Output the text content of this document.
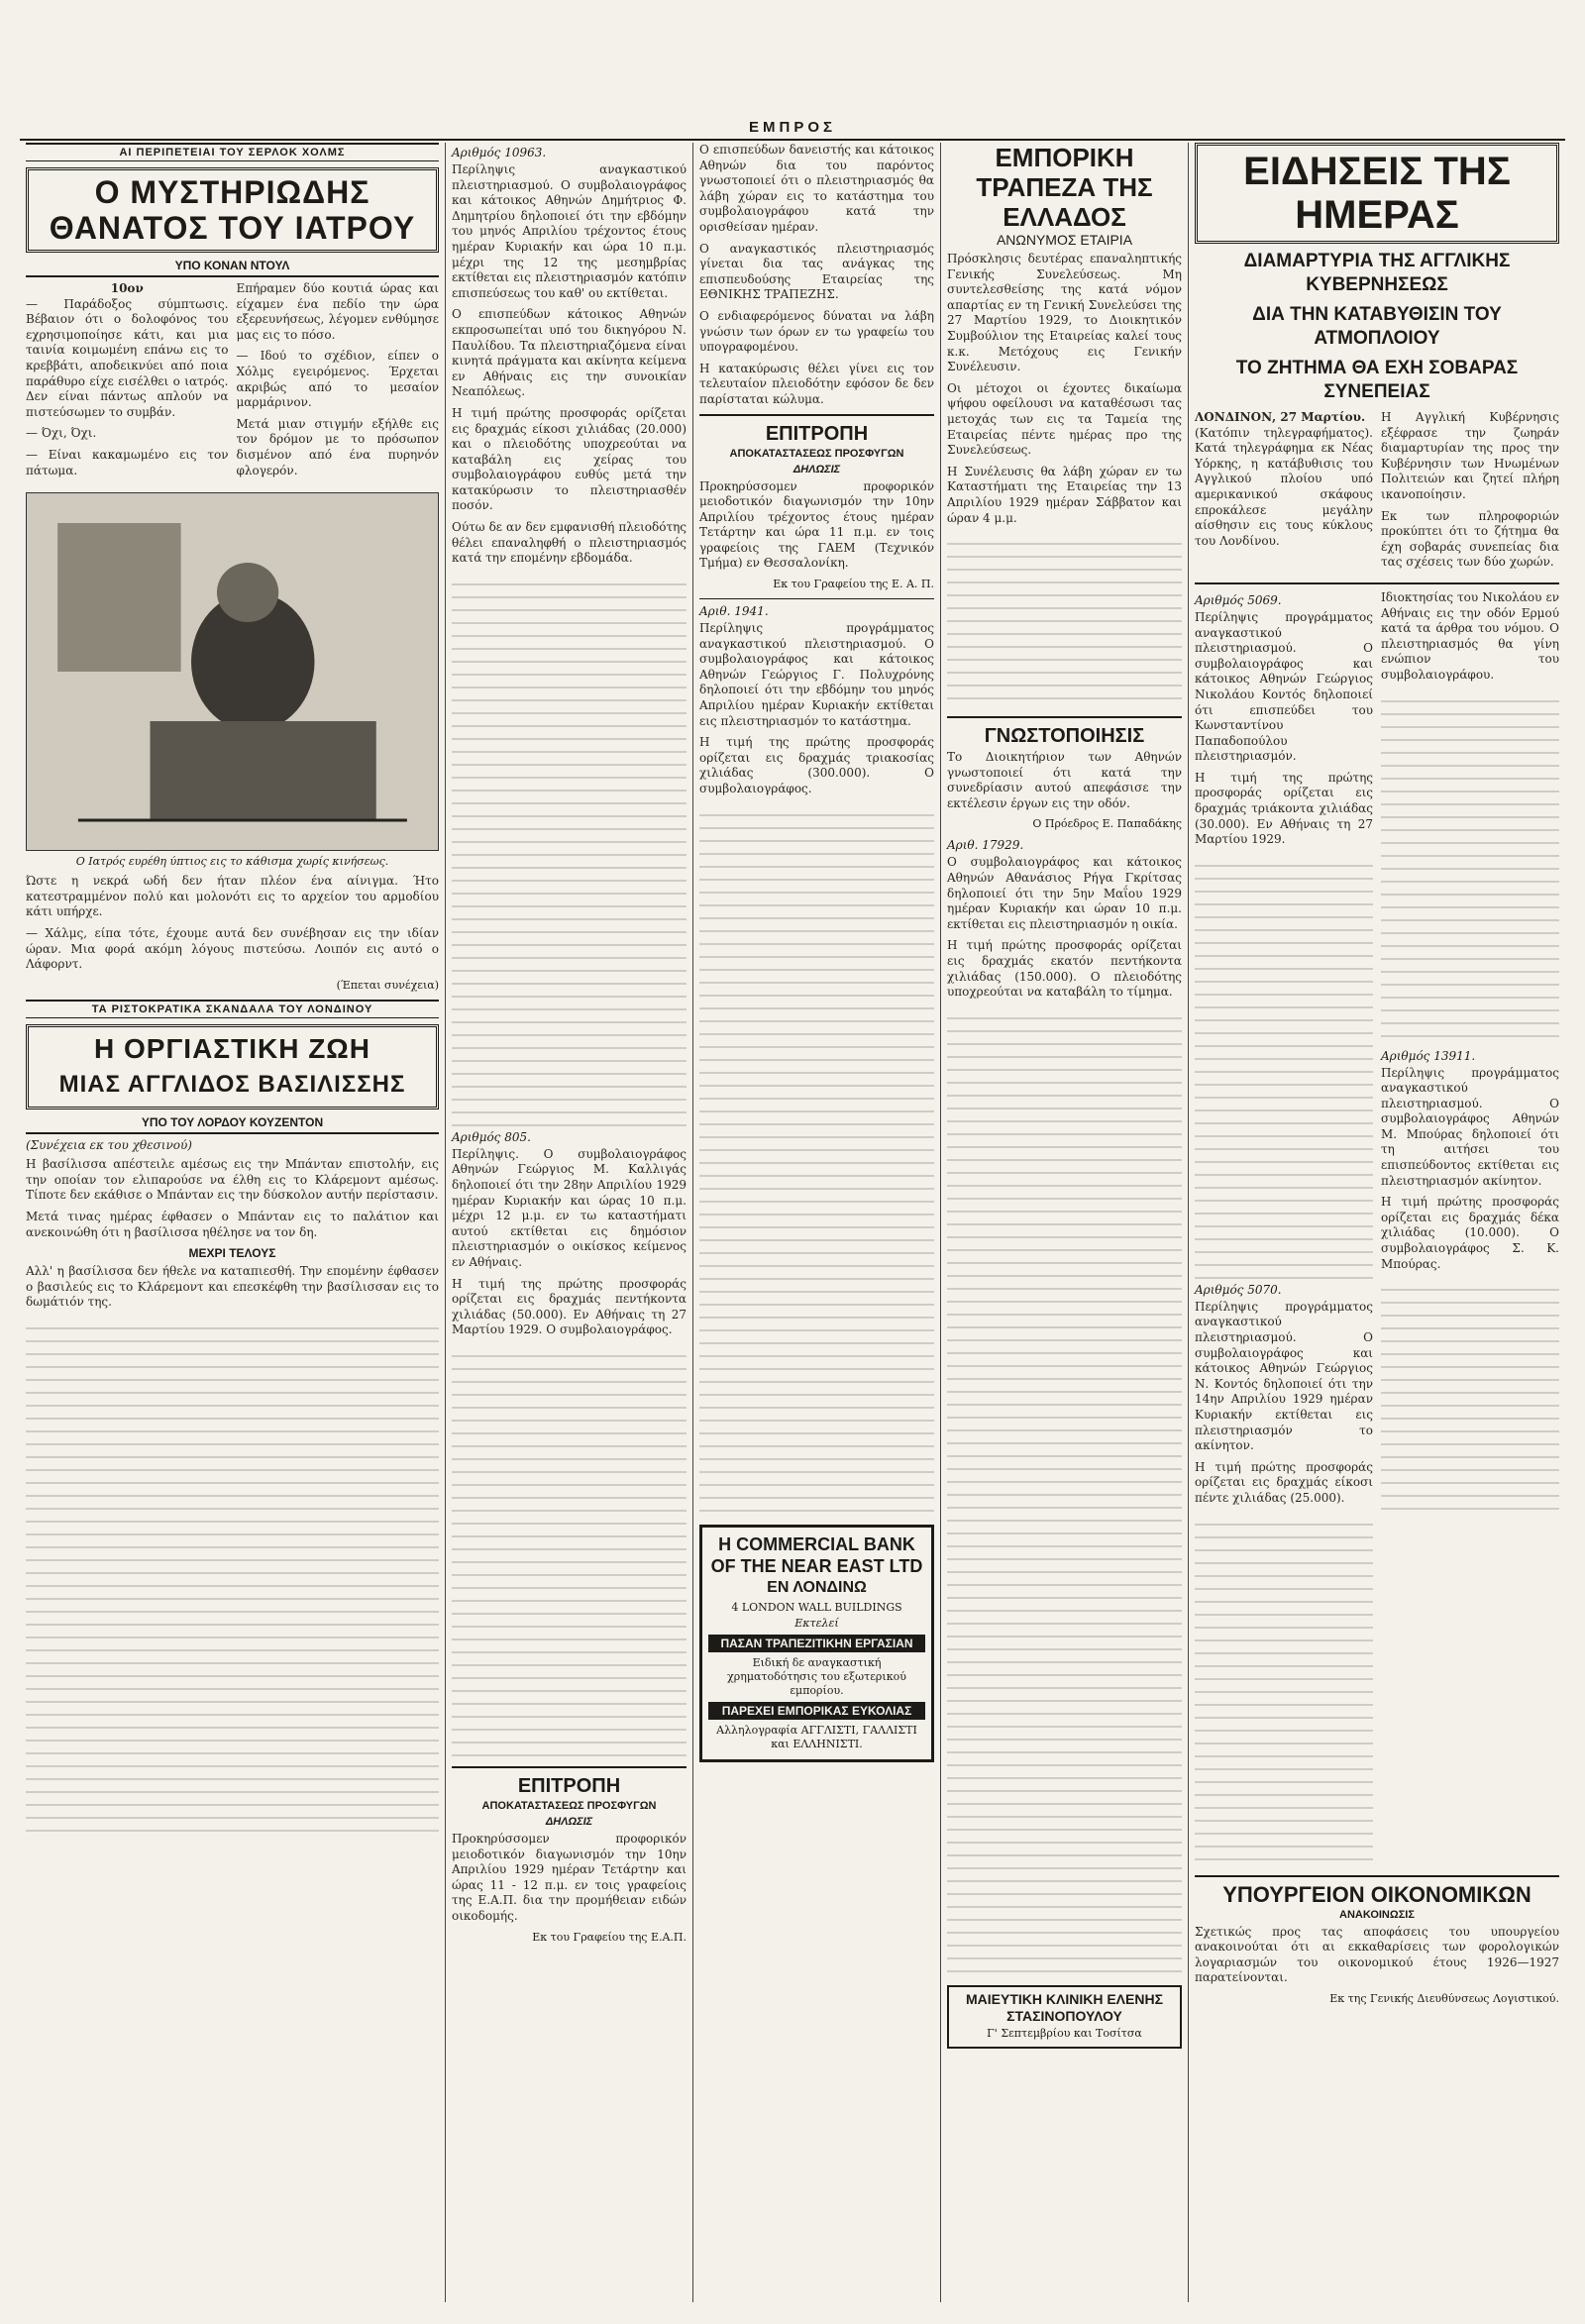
ΕΜΠΡΟΣ
ΑΙ ΠΕΡΙΠΕΤΕΙΑΙ ΤΟΥ ΣΕΡΛΟΚ ΧΟΛΜΣ
Ο ΜΥΣΤΗΡΙΩΔΗΣ
ΘΑΝΑΤΟΣ ΤΟΥ ΙΑΤΡΟΥ
ΥΠΟ ΚΟΝΑΝ ΝΤΟΥΛ
10ον

— Παράδοξος σύμπτωσις. Βέβαιον ότι ο δολοφόνος του εχρησιμοποίησε κάτι, και μια ταινία κοιμωμένη επάνω εις το κρεββάτι, αποδεικνύει από ποια παράθυρο είχε εισέλθει ο ιατρός. Δεν είναι πάντως απλούν να πιστεύσωμεν το συμβάν.

— Όχι, Όχι.

— Είναι κακαμωμένο εις τον πάτωμα.

Επήραμεν δύο κουτιά ώρας και είχαμεν ένα πεδίο την ώρα εξερευνήσεως, λέγομεν ενθύμησε μας εις το πόσο.

— Ιδού το σχέδιον, είπεν ο Χόλμς εγειρόμενος. Έρχεται ακριβώς από το μεσαίον μαρμάρινον.

Μετά μιαν στιγμήν εξήλθε εις τον δρόμον με το πρόσωπον δισμένον από ένα πυρηνόν φλογερόν.

Ο Ιατρός ευρέθη ύπτιος εις το κάθισμα χωρίς κινήσεως.

Ώστε η νεκρά ωδή δεν ήταν πλέον ένα αίνιγμα. Ήτο κατεστραμμένον πολύ και μολονότι εις το αρχείον του αρμοδίου κάτι υπήρχε.

— Χάλμς, είπα τότε, έχουμε αυτά δεν συνέβησαν εις την ιδίαν ώραν. Μια φορά ακόμη λόγους πιστεύσω. Λοιπόν εις αυτό ο Λάφορντ.

(Έπεται συνέχεια)
ΤΑ ΡΙΣΤΟΚΡΑΤΙΚΑ ΣΚΑΝΔΑΛΑ ΤΟΥ ΛΟΝΔΙΝΟΥ
Η ΟΡΓΙΑΣΤΙΚΗ ΖΩΗ
ΜΙΑΣ ΑΓΓΛΙΔΟΣ ΒΑΣΙΛΙΣΣΗΣ
ΥΠΟ ΤΟΥ ΛΟΡΔΟΥ ΚΟΥΖΕΝΤΟΝ
(Συνέχεια εκ του χθεσινού)

Η βασίλισσα απέστειλε αμέσως εις την Μπάνταν επιστολήν, εις την οποίαν τον ελιπαρούσε να έλθη εις το Κλάρεμοντ αμέσως. Τίποτε δεν εκάθισε ο Μπάνταν εις την δύσκολον αυτήν περίστασιν.

Μετά τινας ημέρας έφθασεν ο Μπάνταν εις το παλάτιον και ανεκοινώθη ότι η βασίλισσα ηθέλησε να τον δη.

ΜΕΧΡΙ ΤΕΛΟΥΣ

Αλλ' η βασίλισσα δεν ήθελε να καταπιεσθή. Την επομένην έφθασεν ο βασιλεύς εις το Κλάρεμοντ και επεσκέφθη την βασίλισσαν εις το δωμάτιόν της.

Αριθμός 10963.

Περίληψις αναγκαστικού πλειστηριασμού. Ο συμβολαιογράφος και κάτοικος Αθηνών Δημήτριος Φ. Δημητρίου δηλοποιεί ότι την εβδόμην του μηνός Απριλίου τρέχοντος έτους ημέραν Κυριακήν και ώρα 10 π.μ. μέχρι της 12 της μεσημβρίας εκτίθεται εις πλειστηριασμόν κατόπιν επισπεύσεως του καθ' ου εκτίθεται.

Ο επισπεύδων κάτοικος Αθηνών εκπροσωπείται υπό του δικηγόρου Ν. Παυλίδου. Τα πλειστηριαζόμενα είναι κινητά πράγματα και ακίνητα κείμενα εν Αθήναις εις την συνοικίαν Νεαπόλεως.

Η τιμή πρώτης προσφοράς ορίζεται εις δραχμάς είκοσι χιλιάδας (20.000) και ο πλειοδότης υποχρεούται να καταβάλη εις χείρας του συμβολαιογράφου ευθύς μετά την κατακύρωσιν το πλειστηριασθέν ποσόν.

Ούτω δε αν δεν εμφανισθή πλειοδότης θέλει επαναληφθή ο πλειστηριασμός κατά την επομένην εβδομάδα.

Αριθμός 805.

Περίληψις. Ο συμβολαιογράφος Αθηνών Γεώργιος Μ. Καλλιγάς δηλοποιεί ότι την 28ην Απριλίου 1929 ημέραν Κυριακήν και ώρας 10 π.μ. μέχρι 12 μ.μ. εν τω καταστήματι αυτού εκτίθεται εις δημόσιον πλειστηριασμόν ο οικίσκος κείμενος εν Αθήναις.

Η τιμή της πρώτης προσφοράς ορίζεται εις δραχμάς πεντήκοντα χιλιάδας (50.000). Εν Αθήναις τη 27 Μαρτίου 1929. Ο συμβολαιογράφος.

ΕΠΙΤΡΟΠΗ
ΑΠΟΚΑΤΑΣΤΑΣΕΩΣ ΠΡΟΣΦΥΓΩΝ
ΔΗΛΩΣΙΣ

Προκηρύσσομεν προφορικόν μειοδοτικόν διαγωνισμόν την 10ην Απριλίου 1929 ημέραν Τετάρτην και ώρας 11 - 12 π.μ. εν τοις γραφείοις της Ε.Α.Π. δια την προμήθειαν ειδών οικοδομής.

Εκ του Γραφείου της Ε.Α.Π.

Ο επισπεύδων δανειστής και κάτοικος Αθηνών δια του παρόντος γνωστοποιεί ότι ο πλειστηριασμός θα λάβη χώραν εις το κατάστημα του συμβολαιογράφου κατά την ορισθείσαν ημέραν.

Ο αναγκαστικός πλειστηριασμός γίνεται δια τας ανάγκας της επισπευδούσης Εταιρείας της ΕΘΝΙΚΗΣ ΤΡΑΠΕΖΗΣ.

Ο ενδιαφερόμενος δύναται να λάβη γνώσιν των όρων εν τω γραφείω του υπογραφομένου.

Η κατακύρωσις θέλει γίνει εις τον τελευταίον πλειοδότην εφόσον δε δεν παρίσταται κώλυμα.

ΕΠΙΤΡΟΠΗ
ΑΠΟΚΑΤΑΣΤΑΣΕΩΣ ΠΡΟΣΦΥΓΩΝ
ΔΗΛΩΣΙΣ

Προκηρύσσομεν προφορικόν μειοδοτικόν διαγωνισμόν την 10ην Απριλίου τρέχοντος έτους ημέραν Τετάρτην και ώρα 11 π.μ. εν τοις γραφείοις της ΓΑΕΜ (Τεχνικόν Τμήμα) εν Θεσσαλονίκη.

Εκ του Γραφείου της Ε. Α. Π.
Αριθ. 1941.

Περίληψις προγράμματος αναγκαστικού πλειστηριασμού. Ο συμβολαιογράφος και κάτοικος Αθηνών Γεώργιος Γ. Πολυχρόνης δηλοποιεί ότι την εβδόμην του μηνός Απριλίου ημέραν Κυριακήν εκτίθεται εις πλειστηριασμόν το κατάστημα.

Η τιμή της πρώτης προσφοράς ορίζεται εις δραχμάς τριακοσίας χιλιάδας (300.000). Ο συμβολαιογράφος.

Η COMMERCIAL BANK
OF THE NEAR EAST LTD
ΕΝ ΛΟΝΔΙΝΩ
4 LONDON WALL BUILDINGS
Εκτελεί
ΠΑΣΑΝ ΤΡΑΠΕΖΙΤΙΚΗΝ ΕΡΓΑΣΙΑΝ
Ειδική δε αναγκαστική χρηματοδότησις του εξωτερικού εμπορίου.
ΠΑΡΕΧΕΙ ΕΜΠΟΡΙΚΑΣ ΕΥΚΟΛΙΑΣ
Αλληλογραφία ΑΓΓΛΙΣΤΙ, ΓΑΛΛΙΣΤΙ και ΕΛΛΗΝΙΣΤΙ.
ΕΜΠΟΡΙΚΗ ΤΡΑΠΕΖΑ ΤΗΣ ΕΛΛΑΔΟΣ
ΑΝΩΝΥΜΟΣ ΕΤΑΙΡΙΑ

Πρόσκλησις δευτέρας επαναληπτικής Γενικής Συνελεύσεως. Μη συντελεσθείσης της κατά νόμον απαρτίας εν τη Γενική Συνελεύσει της 27 Μαρτίου 1929, το Διοικητικόν Συμβούλιον της Εταιρείας καλεί τους κ.κ. Μετόχους εις Γενικήν Συνέλευσιν.

Οι μέτοχοι οι έχοντες δικαίωμα ψήφου οφείλουσι να καταθέσωσι τας μετοχάς των εις τα Ταμεία της Εταιρείας πέντε ημέρας προ της Συνελεύσεως.

Η Συνέλευσις θα λάβη χώραν εν τω Καταστήματι της Εταιρείας την 13 Απριλίου 1929 ημέραν Σάββατον και ώραν 4 μ.μ.

ΓΝΩΣΤΟΠΟΙΗΣΙΣ

Το Διοικητήριον των Αθηνών γνωστοποιεί ότι κατά την συνεδρίασιν αυτού απεφάσισε την εκτέλεσιν έργων εις την οδόν.

Ο Πρόεδρος Ε. Παπαδάκης
Αριθ. 17929.

Ο συμβολαιογράφος και κάτοικος Αθηνών Αθανάσιος Ρήγα Γκρίτσας δηλοποιεί ότι την 5ην Μαΐου 1929 ημέραν Κυριακήν και ώραν 10 π.μ. εκτίθεται εις πλειστηριασμόν η οικία.

Η τιμή πρώτης προσφοράς ορίζεται εις δραχμάς εκατόν πεντήκοντα χιλιάδας (150.000). Ο πλειοδότης υποχρεούται να καταβάλη το τίμημα.

ΜΑΙΕΥΤΙΚΗ ΚΛΙΝΙΚΗ ΕΛΕΝΗΣ ΣΤΑΣΙΝΟΠΟΥΛΟΥ
Γ' Σεπτεμβρίου και Τοσίτσα
ΕΙΔΗΣΕΙΣ ΤΗΣ ΗΜΕΡΑΣ
ΔΙΑΜΑΡΤΥΡΙΑ ΤΗΣ ΑΓΓΛΙΚΗΣ ΚΥΒΕΡΝΗΣΕΩΣ
ΔΙΑ ΤΗΝ ΚΑΤΑΒΥΘΙΣΙΝ ΤΟΥ ΑΤΜΟΠΛΟΙΟΥ
ΤΟ ΖΗΤΗΜΑ ΘΑ ΕΧΗ ΣΟΒΑΡΑΣ ΣΥΝΕΠΕΙΑΣ
ΛΟΝΔΙΝΟΝ, 27 Μαρτίου.

(Κατόπιν τηλεγραφήματος). Κατά τηλεγράφημα εκ Νέας Υόρκης, η κατάβυθισις του Αγγλικού πλοίου υπό αμερικανικού σκάφους επροκάλεσε μεγάλην αίσθησιν εις τους κύκλους του Λονδίνου.

Η Αγγλική Κυβέρνησις εξέφρασε την ζωηράν διαμαρτυρίαν της προς την Κυβέρνησιν των Ηνωμένων Πολιτειών και ζητεί πλήρη ικανοποίησιν.

Εκ των πληροφοριών προκύπτει ότι το ζήτημα θα έχη σοβαράς συνεπείας δια τας σχέσεις των δύο χωρών.

Αριθμός 5069.

Περίληψις προγράμματος αναγκαστικού πλειστηριασμού. Ο συμβολαιογράφος και κάτοικος Αθηνών Γεώργιος Νικολάου Κοντός δηλοποιεί ότι επισπεύδει του Κωνσταντίνου Παπαδοπούλου πλειστηριασμόν.

Η τιμή της πρώτης προσφοράς ορίζεται εις δραχμάς τριάκοντα χιλιάδας (30.000). Εν Αθήναις τη 27 Μαρτίου 1929.

Αριθμός 5070.

Περίληψις προγράμματος αναγκαστικού πλειστηριασμού. Ο συμβολαιογράφος και κάτοικος Αθηνών Γεώργιος Ν. Κοντός δηλοποιεί ότι την 14ην Απριλίου 1929 ημέραν Κυριακήν εκτίθεται εις πλειστηριασμόν το ακίνητον.

Η τιμή πρώτης προσφοράς ορίζεται εις δραχμάς είκοσι πέντε χιλιάδας (25.000).

Ιδιοκτησίας του Νικολάου εν Αθήναις εις την οδόν Ερμού κατά τα άρθρα του νόμου. Ο πλειστηριασμός θα γίνη ενώπιον του συμβολαιογράφου.

Αριθμός 13911.

Περίληψις προγράμματος αναγκαστικού πλειστηριασμού. Ο συμβολαιογράφος Αθηνών Μ. Μπούρας δηλοποιεί ότι τη αιτήσει του επισπεύδοντος εκτίθεται εις πλειστηριασμόν ακίνητον.

Η τιμή πρώτης προσφοράς ορίζεται εις δραχμάς δέκα χιλιάδας (10.000). Ο συμβολαιογράφος Σ. Κ. Μπούρας.

ΥΠΟΥΡΓΕΙΟΝ ΟΙΚΟΝΟΜΙΚΩΝ
ΑΝΑΚΟΙΝΩΣΙΣ

Σχετικώς προς τας αποφάσεις του υπουργείου ανακοινούται ότι αι εκκαθαρίσεις των φορολογικών λογαριασμών του οικονομικού έτους 1926—1927 παρατείνονται.

Εκ της Γενικής Διευθύνσεως Λογιστικού.
